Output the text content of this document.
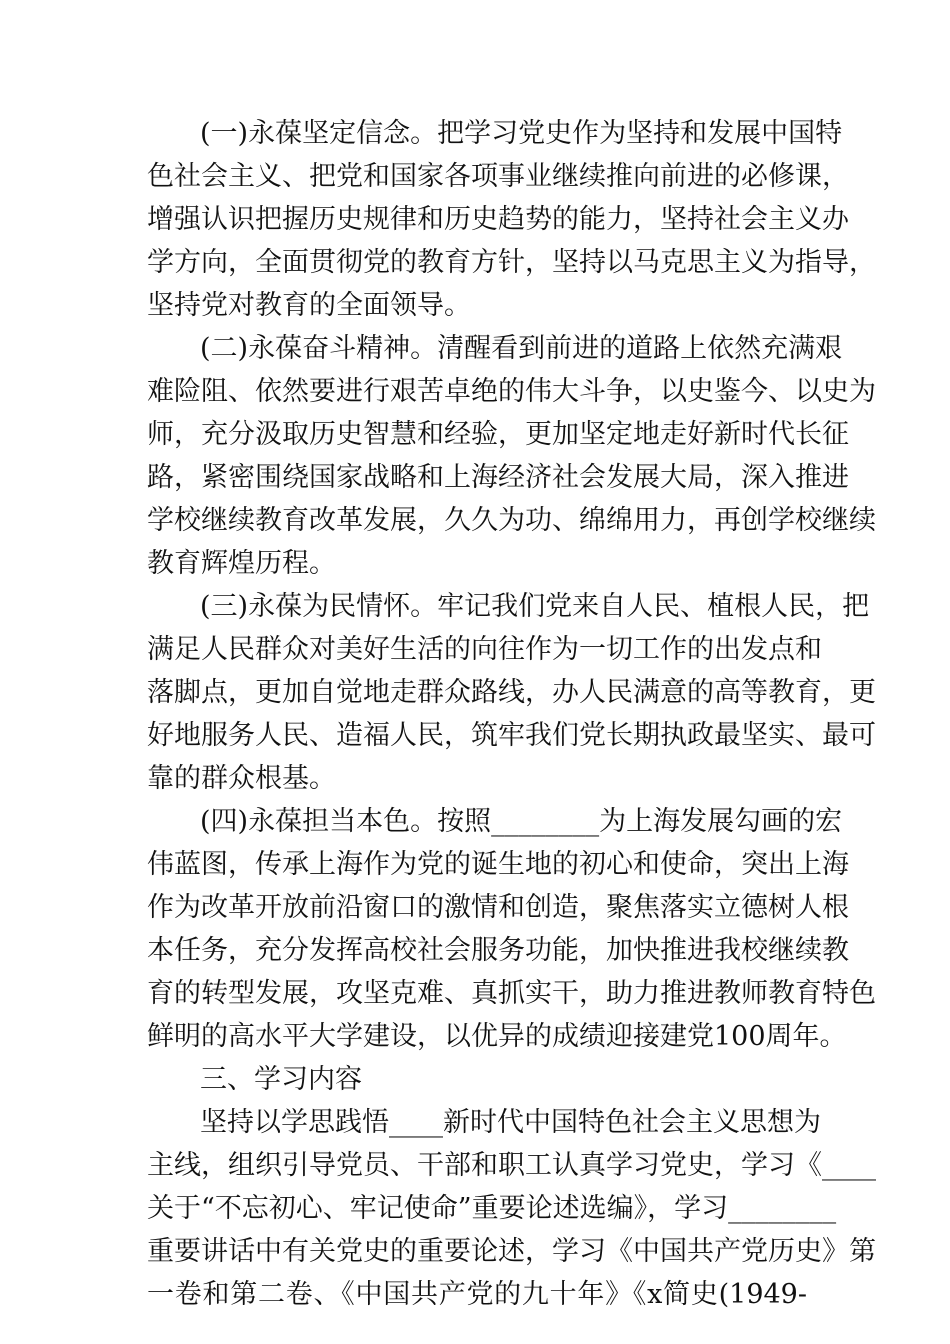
(一)永葆坚定信念。把学习党史作为坚持和发展中国特
色社会主义、把党和国家各项事业继续推向前进的必修课，
增强认识把握历史规律和历史趋势的能力，坚持社会主义办
学方向，全面贯彻党的教育方针，坚持以马克思主义为指导，
坚持党对教育的全面领导。
(二)永葆奋斗精神。清醒看到前进的道路上依然充满艰
难险阻、依然要进行艰苦卓绝的伟大斗争，以史鉴今、以史为
师，充分汲取历史智慧和经验，更加坚定地走好新时代长征
路，紧密围绕国家战略和上海经济社会发展大局，深入推进
学校继续教育改革发展，久久为功、绵绵用力，再创学校继续
教育辉煌历程。
(三)永葆为民情怀。牢记我们党来自人民、植根人民，把
满足人民群众对美好生活的向往作为一切工作的出发点和
落脚点，更加自觉地走群众路线，办人民满意的高等教育，更
好地服务人民、造福人民，筑牢我们党长期执政最坚实、最可
靠的群众根基。
(四)永葆担当本色。按照________为上海发展勾画的宏
伟蓝图，传承上海作为党的诞生地的初心和使命，突出上海
作为改革开放前沿窗口的激情和创造，聚焦落实立德树人根
本任务，充分发挥高校社会服务功能，加快推进我校继续教
育的转型发展，攻坚克难、真抓实干，助力推进教师教育特色
鲜明的高水平大学建设，以优异的成绩迎接建党100周年。
三、学习内容
坚持以学思践悟____新时代中国特色社会主义思想为
主线，组织引导党员、干部和职工认真学习党史，学习《____
关于“不忘初心、牢记使命”重要论述选编》，学习________
重要讲话中有关党史的重要论述，学习《中国共产党历史》第
一卷和第二卷、《中国共产党的九十年》《x简史(1949-
